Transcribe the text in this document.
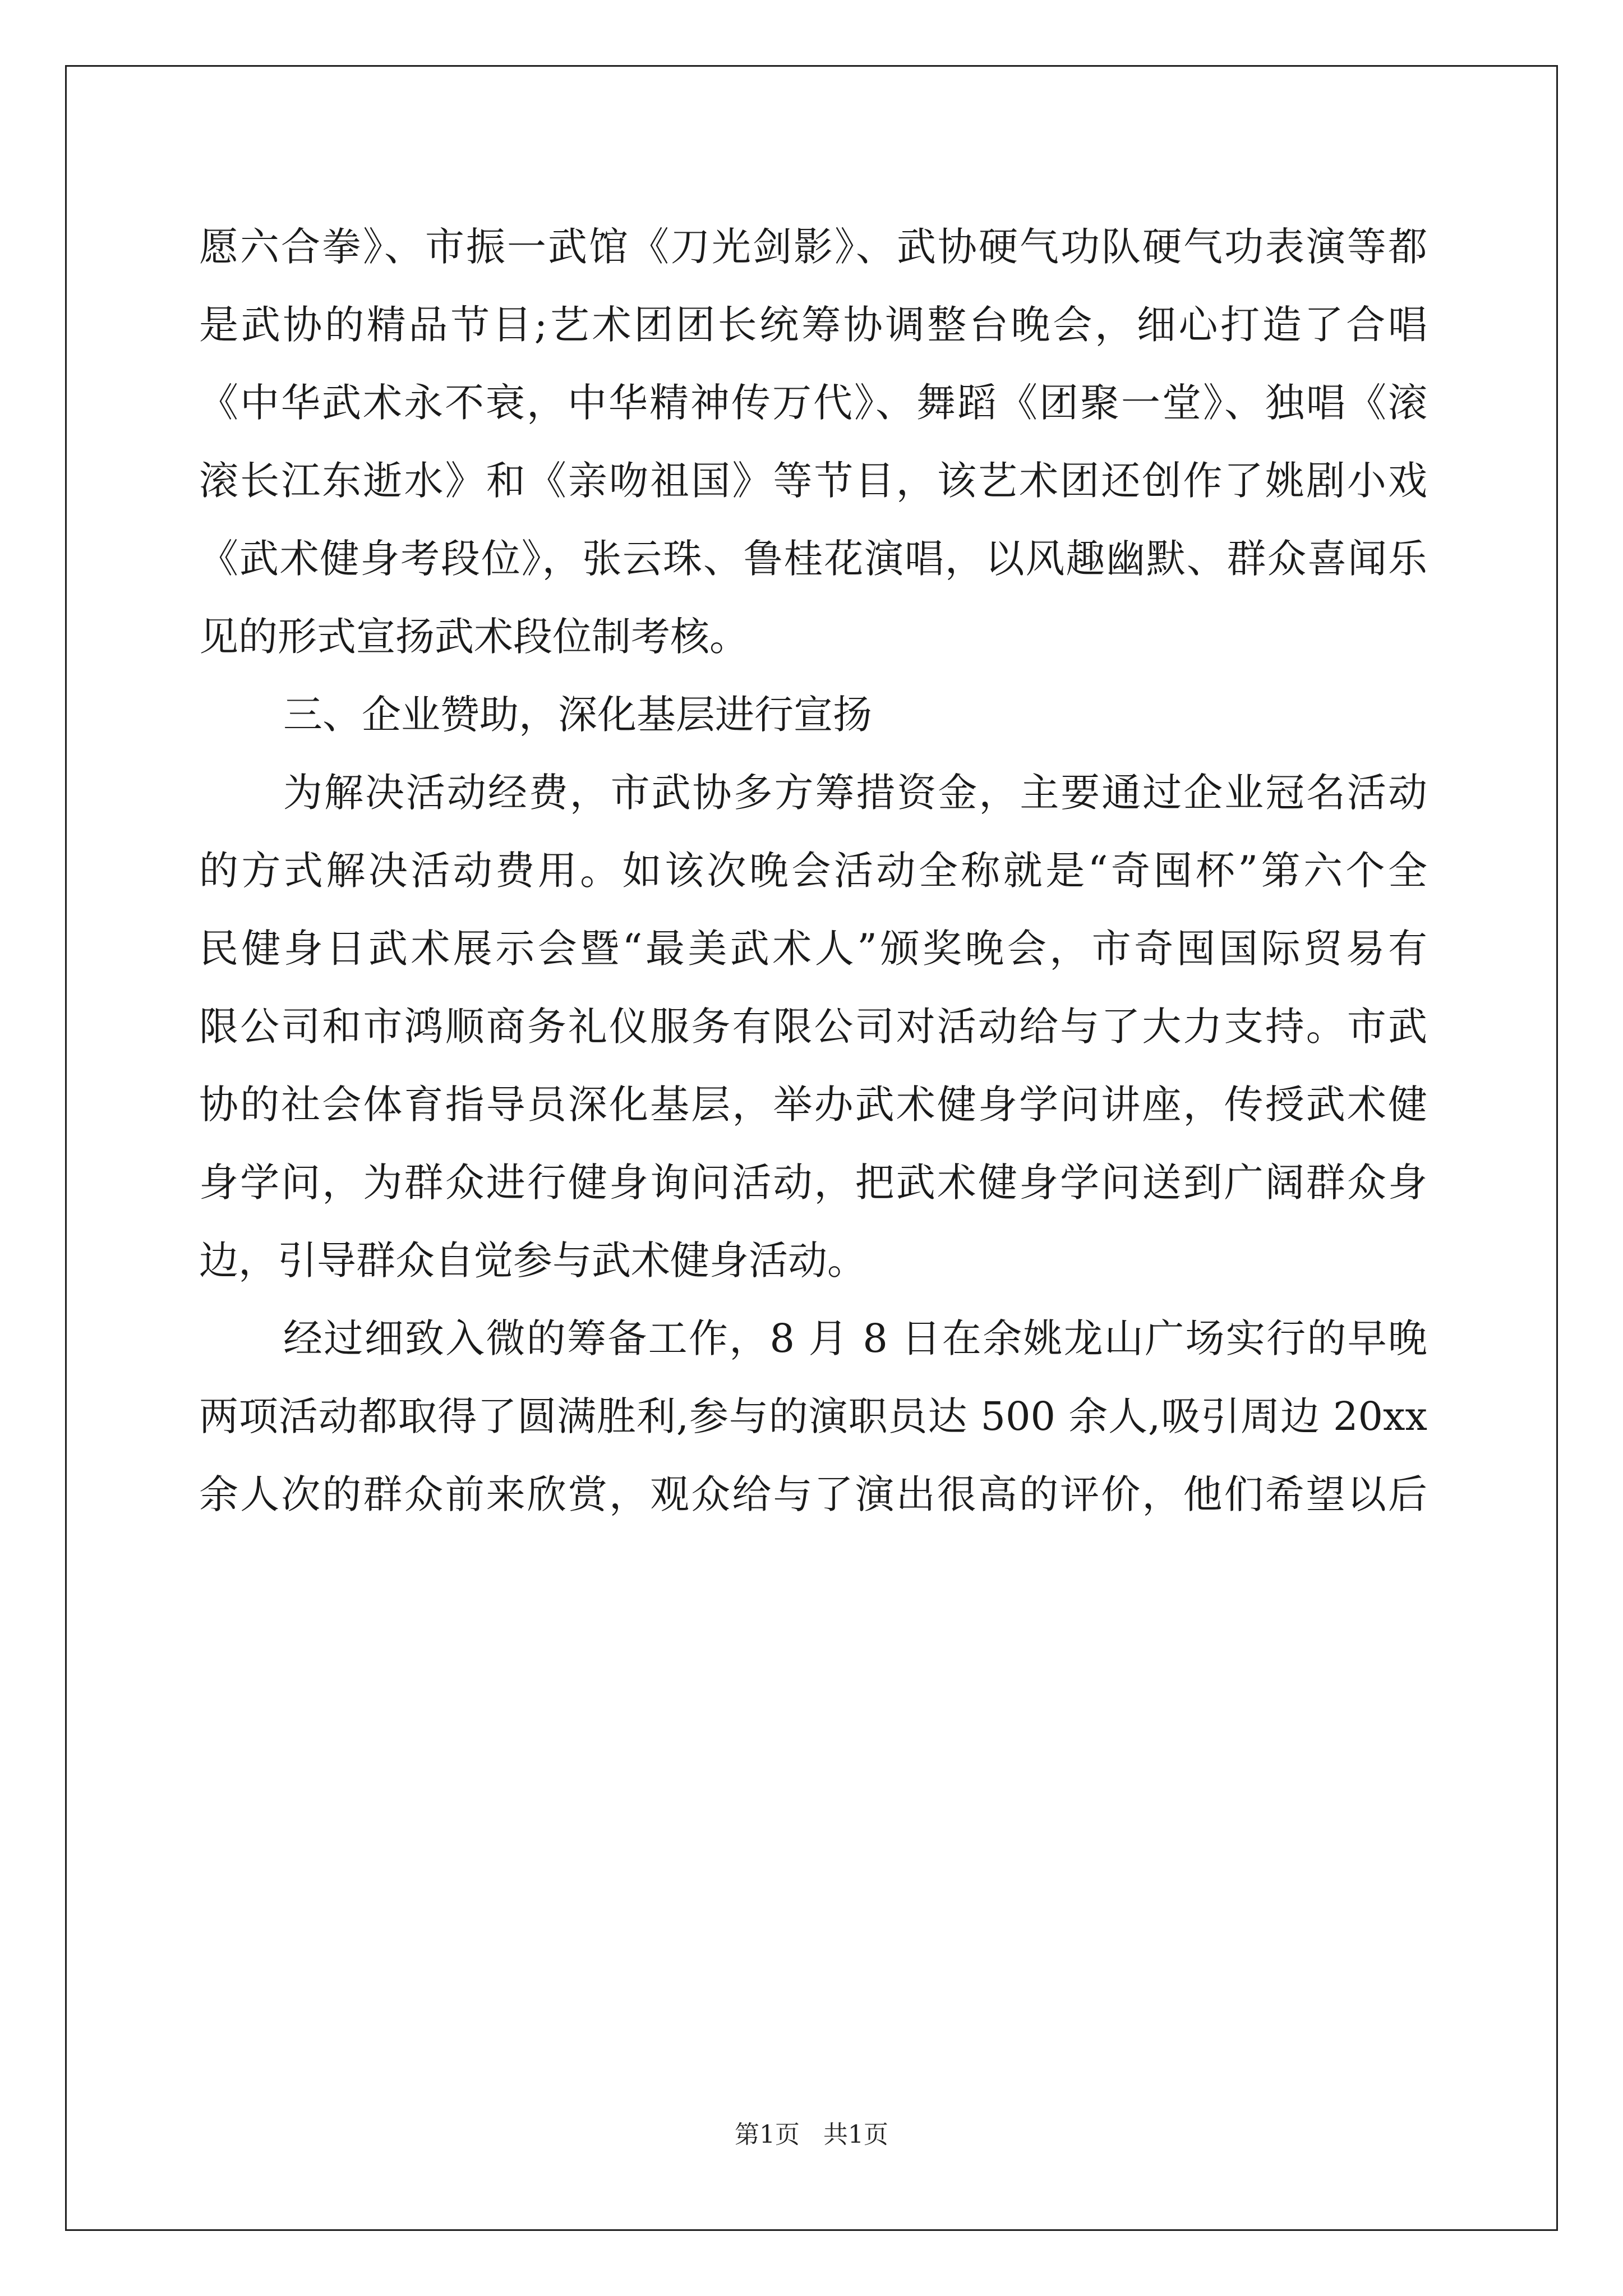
愿六合拳》、市振一武馆《刀光剑影》、武协硬气功队硬气功表演等都
是武协的精品节目;艺术团团长统筹协调整台晚会，细心打造了合唱
《中华武术永不衰，中华精神传万代》、舞蹈《团聚一堂》、独唱《滚
滚长江东逝水》和《亲吻祖国》等节目，该艺术团还创作了姚剧小戏
《武术健身考段位》，张云珠、鲁桂花演唱，以风趣幽默、群众喜闻乐
见的形式宣扬武术段位制考核。
三、企业赞助，深化基层进行宣扬
为解决活动经费，市武协多方筹措资金，主要通过企业冠名活动
的方式解决活动费用。如该次晚会活动全称就是“奇囤杯”第六个全
民健身日武术展示会暨“最美武术人”颁奖晚会，市奇囤国际贸易有
限公司和市鸿顺商务礼仪服务有限公司对活动给与了大力支持。市武
协的社会体育指导员深化基层，举办武术健身学问讲座，传授武术健
身学问，为群众进行健身询问活动，把武术健身学问送到广阔群众身
边，引导群众自觉参与武术健身活动。
经过细致入微的筹备工作，8 月 8 日在余姚龙山广场实行的早晚
两项活动都取得了圆满胜利,参与的演职员达 500 余人,吸引周边 20xx
余人次的群众前来欣赏，观众给与了演出很高的评价，他们希望以后
第1页   共1页
